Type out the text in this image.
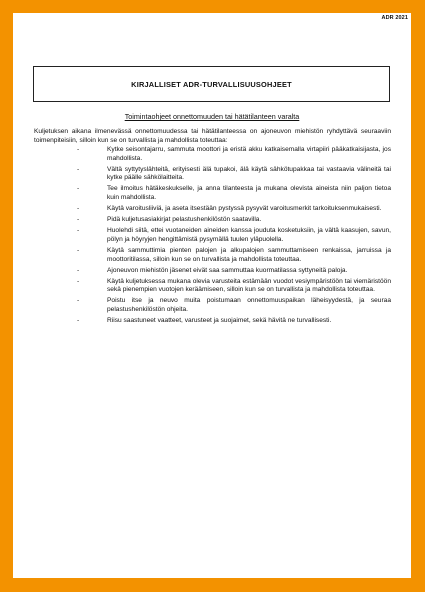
ADR 2021
KIRJALLISET ADR-TURVALLISUUSOHJEET
Toimintaohjeet onnettomuuden tai hätätilanteen varalta
Kuljetuksen aikana ilmenevässä onnettomuudessa tai hätätilanteessa on ajoneuvon miehistön ryhdyttävä seuraaviin toimenpiteisiin, silloin kun se on turvallista ja mahdollista toteuttaa:
-	Kytke seisontajarru, sammuta moottori ja eristä akku katkaisemalla virtapiiri pääkatkaisijasta, jos mahdollista.
-	Vältä syttytyslähteitä, erityisesti älä tupakoi, älä käytä sähkötupakkaa tai vastaavia välineitä tai kytke päälle sähkölaitteita.
-	Tee ilmoitus hätäkeskukselle, ja anna tilanteesta ja mukana olevista aineista niin paljon tietoa kuin mahdollista.
-	Käytä varoitusliiviä, ja aseta itsestään pystyssä pysyvät varoitusmerkit tarkoituksenmukaisesti.
-	Pidä kuljetusasiakirjat pelastushenkilöstön saatavilla.
-	Huolehdi siitä, ettei vuotaneiden aineiden kanssa jouduta kosketuksiin, ja vältä kaasujen, savun, pölyn ja höyryjen hengittämistä pysymällä tuulen yläpuolella.
-	Käytä sammuttimia pienten palojen ja alkupalojen sammuttamiseen renkaissa, jarruissa ja moottoritilassa, silloin kun se on turvallista ja mahdollista toteuttaa.
-	Ajoneuvon miehistön jäsenet eivät saa sammuttaa kuormatilassa syttyneitä paloja.
-	Käytä kuljetuksessa mukana olevia varusteita estämään vuodot vesiympäristöön tai viemäristöön sekä pienempien vuotojen keräämiseen, silloin kun se on turvallista ja mahdollista toteuttaa.
-	Poistu itse ja neuvo muita poistumaan onnettomuuspaikan läheisyydestä, ja seuraa pelastushenkilöstön ohjeita.
-	Riisu saastuneet vaatteet, varusteet ja suojaimet, sekä hävitä ne turvallisesti.
